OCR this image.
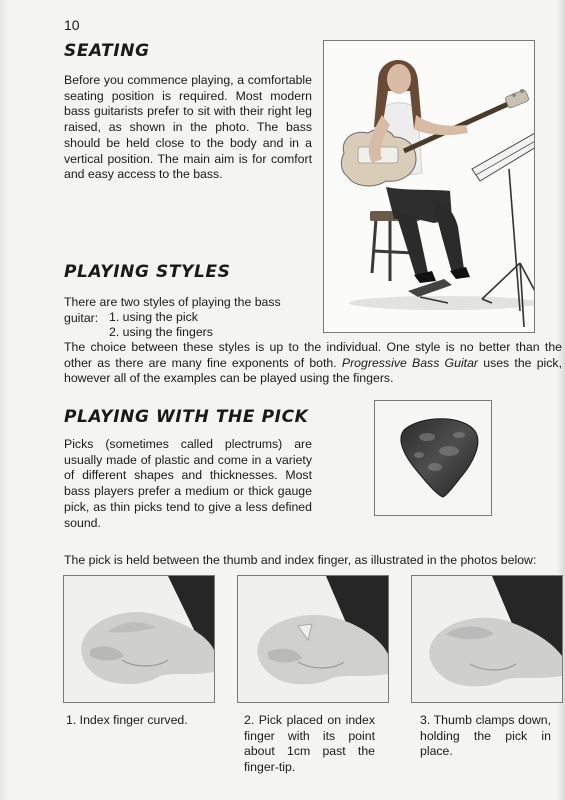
10
SEATING

Before you commence playing, a comfortable seating position is required. Most modern bass guitarists prefer to sit with their right leg raised, as shown in the photo. The bass should be held close to the body and in a vertical position. The main aim is for comfort and easy access to the bass.

PLAYING STYLES
There are two styles of playing the bass guitar: 1. using the pick
2. using the fingers

The choice between these styles is up to the individual. One style is no better than the other as there are many fine exponents of both. Progressive Bass Guitar uses the pick, however all of the examples can be played using the fingers.

PLAYING WITH THE PICK

Picks (sometimes called plectrums) are usually made of plastic and come in a variety of different shapes and thicknesses. Most bass players prefer a medium or thick gauge pick, as thin picks tend to give a less defined sound.

The pick is held between the thumb and index finger, as illustrated in the photos below:

1. Index finger curved.	2. Pick placed on index finger with its point about 1cm past the finger-tip.
3. Thumb clamps down, holding the pick in place.
